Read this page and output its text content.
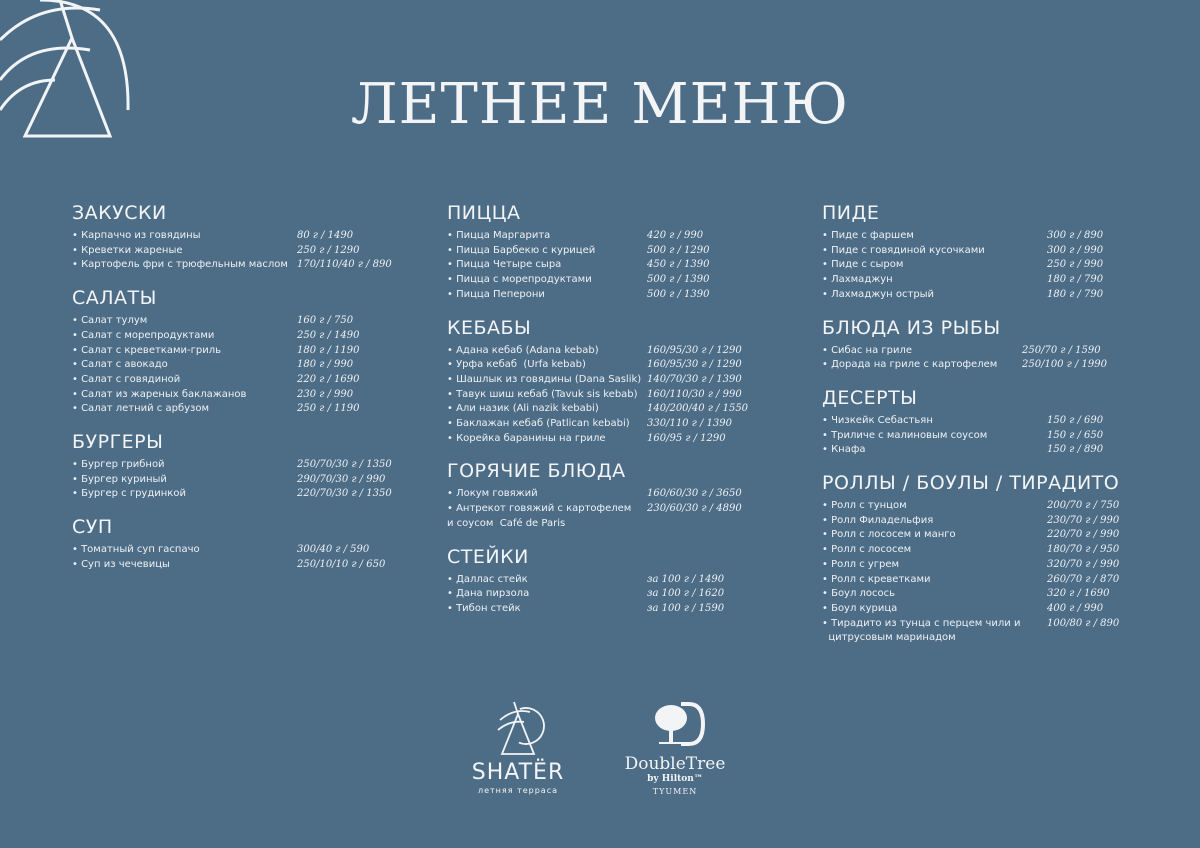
ЛЕТНЕЕ МЕНЮ
ЗАКУСКИ
• Карпаччо из говядины	80 г / 1490
• Креветки жареные	250 г / 1290
• Картофель фри с трюфельным маслом 170/110/40 г / 890
САЛАТЫ
• Салат тулум	160 г / 750
• Салат с морепродуктами	250 г / 1490
• Салат с креветками-гриль	180 г / 1190
• Салат с авокадо	180 г / 990
• Салат с говядиной	220 г / 1690
• Салат из жареных баклажанов	230 г / 990
• Салат летний с арбузом	250 г / 1190
БУРГЕРЫ
• Бургер грибной	250/70/30 г / 1350
• Бургер куриный	290/70/30 г / 990
• Бургер с грудинкой	220/70/30 г / 1350
СУП
• Томатный суп гаспачо	300/40 г / 590
• Суп из чечевицы	250/10/10 г / 650
ПИЦЦА
• Пицца Маргарита	420 г / 990
• Пицца Барбекю с курицей	500 г / 1290
• Пицца Четыре сыра	450 г / 1390
• Пицца с морепродуктами	500 г / 1390
• Пицца Пеперони	500 г / 1390
КЕБАБЫ
• Адана кебаб (Adana kebab)	160/95/30 г / 1290
• Урфа кебаб  (Urfa kebab)	160/95/30 г / 1290
• Шашлык из говядины (Dana Saslik) 140/70/30 г / 1390
• Тавук шиш кебаб (Tavuk sis kebab) 160/110/30 г / 990
• Али назик (Ali nazik kebabi)	140/200/40 г / 1550
• Баклажан кебаб (Patlican kebabi) 330/110 г / 1390
• Корейка баранины на гриле	160/95 г / 1290
ГОРЯЧИЕ БЛЮДА
• Локум говяжий	160/60/30 г / 3650
• Антрекот говяжий с картофелем
и соусом  Café de Paris
230/60/30 г / 4890
СТЕЙКИ
• Даллас стейк	за 100 г / 1490
• Дана пирзола	за 100 г / 1620
• Тибон стейк	за 100 г / 1590
ПИДЕ
• Пиде с фаршем	300 г / 890
• Пиде с говядиной кусочками	300 г / 990
• Пиде с сыром	250 г / 990
• Лахмаджун	180 г / 790
• Лахмаджун острый	180 г / 790
БЛЮДА ИЗ РЫБЫ
• Сибас на гриле	250/70 г / 1590
• Дорада на гриле с картофелем 250/100 г / 1990
ДЕСЕРТЫ
• Чизкейк Себастьян	150 г / 690
• Триличе с малиновым соусом	150 г / 650
• Кнафа	150 г / 890
РОЛЛЫ / БОУЛЫ / ТИРАДИТО
• Ролл с тунцом	200/70 г / 750
• Ролл Филадельфия	230/70 г / 990
• Ролл с лососем и манго	220/70 г / 990
• Ролл с лососем	180/70 г / 950
• Ролл с угрем	320/70 г / 990
• Ролл с креветками	260/70 г / 870
• Боул лосось	320 г / 1690
• Боул курица	400 г / 990
• Тирадито из тунца с перцем чили и
цитрусовым маринадом
100/80 г / 890
SHATËR
летняя терраса
DoubleTree
by Hilton™
TYUMEN
